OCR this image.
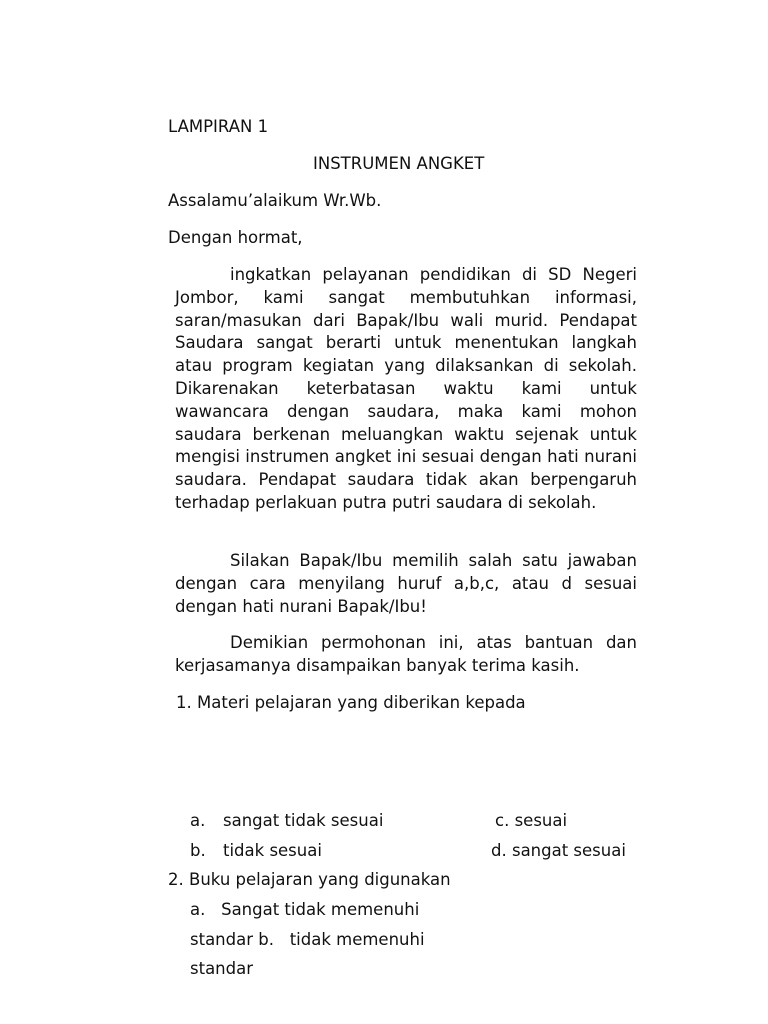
LAMPIRAN 1
INSTRUMEN ANGKET
Assalamu’alaikum Wr.Wb.
Dengan hormat,
ingkatkan pelayanan pendidikan di SD Negeri Jombor, kami sangat membutuhkan informasi, saran/masukan dari Bapak/Ibu wali murid. Pendapat Saudara sangat berarti untuk menentukan langkah atau program kegiatan yang dilaksankan di sekolah. Dikarenakan keterbatasan waktu kami untuk wawancara dengan saudara, maka kami mohon saudara berkenan meluangkan waktu sejenak untuk mengisi instrumen angket ini sesuai dengan hati nurani saudara. Pendapat saudara tidak akan berpengaruh terhadap perlakuan putra putri saudara di sekolah.
Silakan Bapak/Ibu memilih salah satu jawaban dengan cara menyilang huruf a,b,c, atau d sesuai dengan hati nurani Bapak/Ibu!
Demikian permohonan ini, atas bantuan dan kerjasamanya disampaikan banyak terima kasih.
1. Materi pelajaran yang diberikan kepada
a. sangat tidak sesuai	c. sesuai
b. tidak sesuai	d. sangat sesuai
2. Buku pelajaran yang digunakan
a.   Sangat tidak memenuhi
standar b.   tidak memenuhi
standar
